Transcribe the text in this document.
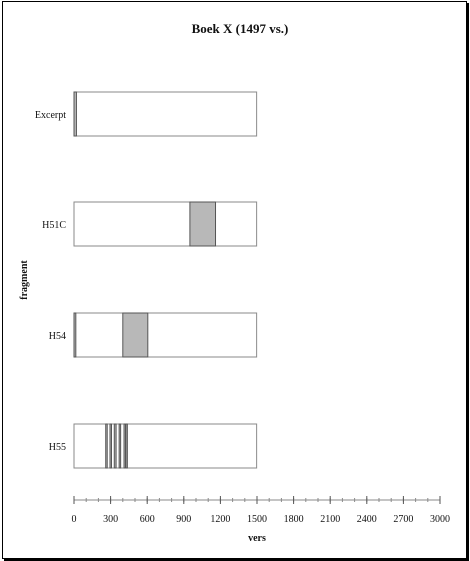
Boek X (1497 vs.)
fragment
vers
Excerpt
H51C
H54
H55
0	300 600 900 1200 1500 1800 2100 2400 2700 3000
